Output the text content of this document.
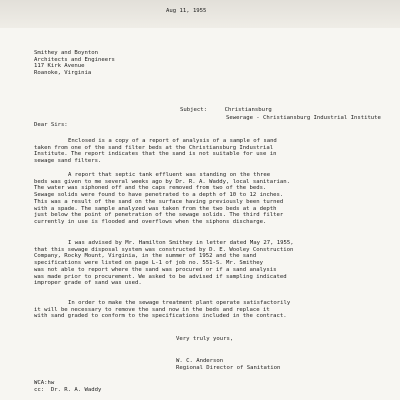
Aug 11, 1955
Smithey and Boynton
Architects and Engineers
117 Kirk Avenue
Roanoke, Virginia
Subject:	Christiansburg
Sewerage - Christiansburg Industrial Institute
Dear Sirs:
Enclosed is a copy of a report of analysis of a sample of sand
taken from one of the sand filter beds at the Christiansburg Industrial
Institute. The report indicates that the sand is not suitable for use in
sewage sand filters.
A report that septic tank effluent was standing on the three
beds was given to me several weeks ago by Dr. R. A. Waddy, local sanitarian.
The water was siphoned off and the caps removed from two of the beds.
Sewage solids were found to have penetrated to a depth of 10 to 12 inches.
This was a result of the sand on the surface having previously been turned
with a spade. The sample analyzed was taken from the two beds at a depth
just below the point of penetration of the sewage solids. The third filter
currently in use is flooded and overflows when the siphons discharge.
I was advised by Mr. Hamilton Smithey in letter dated May 27, 1955,
that this sewage disposal system was constructed by D. E. Wooley Construction
Company, Rocky Mount, Virginia, in the summer of 1952 and the sand
specifications were listed on page L-1 of job no. 551-S. Mr. Smithey
was not able to report where the sand was procured or if a sand analysis
was made prior to procurement. We asked to be advised if sampling indicated
improper grade of sand was used.
In order to make the sewage treatment plant operate satisfactorily
it will be necessary to remove the sand now in the beds and replace it
with sand graded to conform to the specifications included in the contract.
Very truly yours,
W. C. Anderson
Regional Director of Sanitation
WCA:hw
cc:  Dr. R. A. Waddy
